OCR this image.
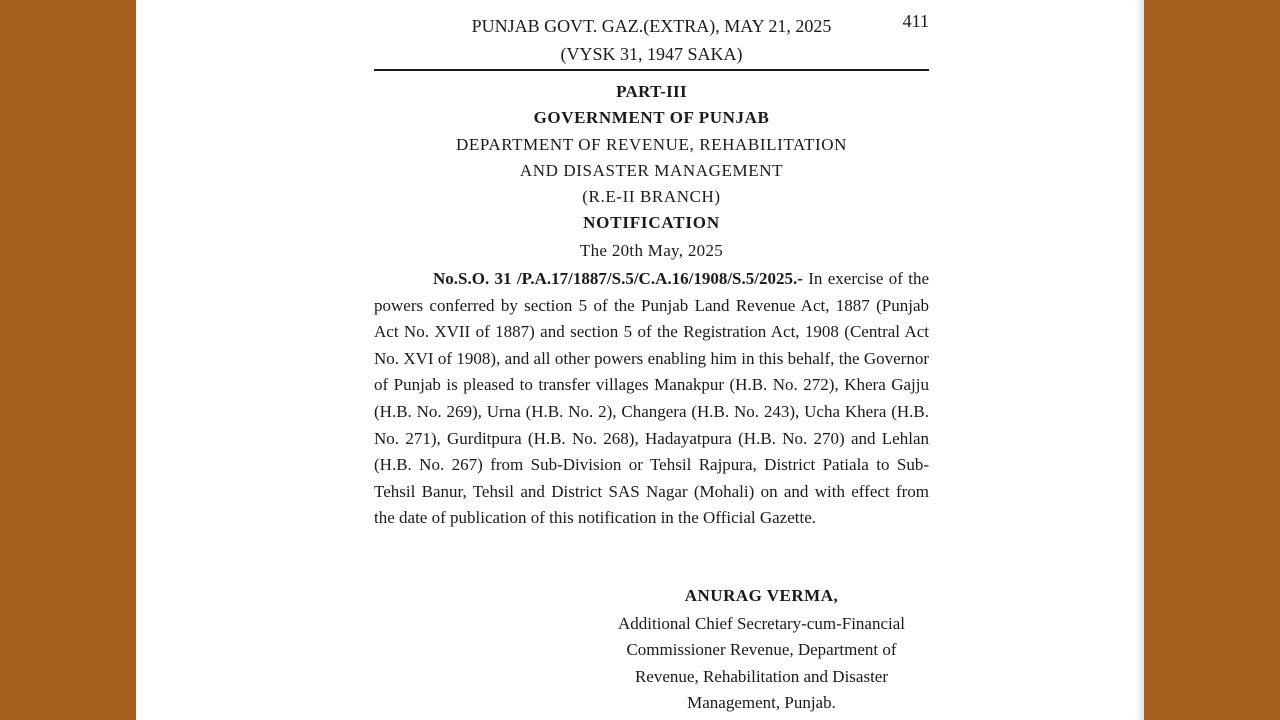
PUNJAB GOVT. GAZ.(EXTRA), MAY 21, 2025
(VYSK 31, 1947 SAKA)
411
PART-III
GOVERNMENT OF PUNJAB
DEPARTMENT OF REVENUE, REHABILITATION
AND DISASTER MANAGEMENT
(R.E-II BRANCH)
NOTIFICATION
The 20th May, 2025

No.S.O. 31 /P.A.17/1887/S.5/C.A.16/1908/S.5/2025.- In exercise of the powers conferred by section 5 of the Punjab Land Revenue Act, 1887 (Punjab Act No. XVII of 1887) and section 5 of the Registration Act, 1908 (Central Act No. XVI of 1908), and all other powers enabling him in this behalf, the Governor of Punjab is pleased to transfer villages Manakpur (H.B. No. 272), Khera Gajju (H.B. No. 269), Urna (H.B. No. 2), Changera (H.B. No. 243), Ucha Khera (H.B. No. 271), Gurditpura (H.B. No. 268), Hadayatpura (H.B. No. 270) and Lehlan (H.B. No. 267) from Sub-Division or Tehsil Rajpura, District Patiala to Sub-Tehsil Banur, Tehsil and District SAS Nagar (Mohali) on and with effect from the date of publication of this notification in the Official Gazette.

ANURAG VERMA,
Additional Chief Secretary-cum-Financial Commissioner Revenue, Department of Revenue, Rehabilitation and Disaster Management, Punjab.
